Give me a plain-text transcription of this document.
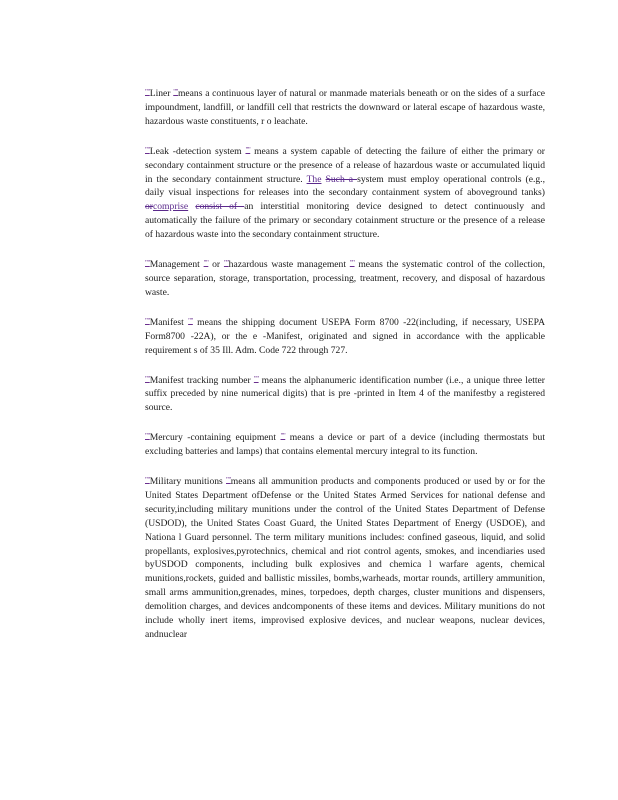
""Liner ""means a continuous layer of natural or manmade materials beneath or on the sides of a surface impoundment, landfill, or landfill cell that restricts the downward or lateral escape of hazardous waste, hazardous waste constituents, r o leachate.

""Leak -detection system "" means a system capable of detecting the failure of either the primary or secondary containment structure or the presence of a release of hazardous waste or accumulated liquid in the secondary containment structure. The Such a system must employ operational controls (e.g., daily visual inspections for releases into the secondary containment system of aboveground tanks) orcomprise consist of an interstitial monitoring device designed to detect continuously and automatically the failure of the primary or secondary cotainment structure or the presence of a release of hazardous waste into the secondary containment structure.

""Management "" or ""hazardous waste management "" means the systematic control of the collection, source separation, storage, transportation, processing, treatment, recovery, and disposal of hazardous waste.

""Manifest "" means the shipping document USEPA Form 8700 -22(including, if necessary, USEPA Form8700 -22A), or the e -Manifest, originated and signed in accordance with the applicable requirement s of 35 Ill. Adm. Code 722 through 727.

""Manifest tracking number "" means the alphanumeric identification number (i.e., a unique three letter suffix preceded by nine numerical digits) that is pre -printed in Item 4 of the manifestby a registered source.

""Mercury -containing equipment "" means a device or part of a device (including thermostats but excluding batteries and lamps) that contains elemental mercury integral to its function.

""Military munitions ""means all ammunition products and components produced or used by or for the United States Department ofDefense or the United States Armed Services for national defense and security,including military munitions under the control of the United States Department of Defense (USDOD), the United States Coast Guard, the United States Department of Energy (USDOE), and Nationa l Guard personnel. The term military munitions includes: confined gaseous, liquid, and solid propellants, explosives,pyrotechnics, chemical and riot control agents, smokes, and incendiaries used byUSDOD components, including bulk explosives and chemica l warfare agents, chemical munitions,rockets, guided and ballistic missiles, bombs,warheads, mortar rounds, artillery ammunition, small arms ammunition,grenades, mines, torpedoes, depth charges, cluster munitions and dispensers, demolition charges, and devices andcomponents of these items and devices. Military munitions do not include wholly inert items, improvised explosive devices, and nuclear weapons, nuclear devices, andnuclear
